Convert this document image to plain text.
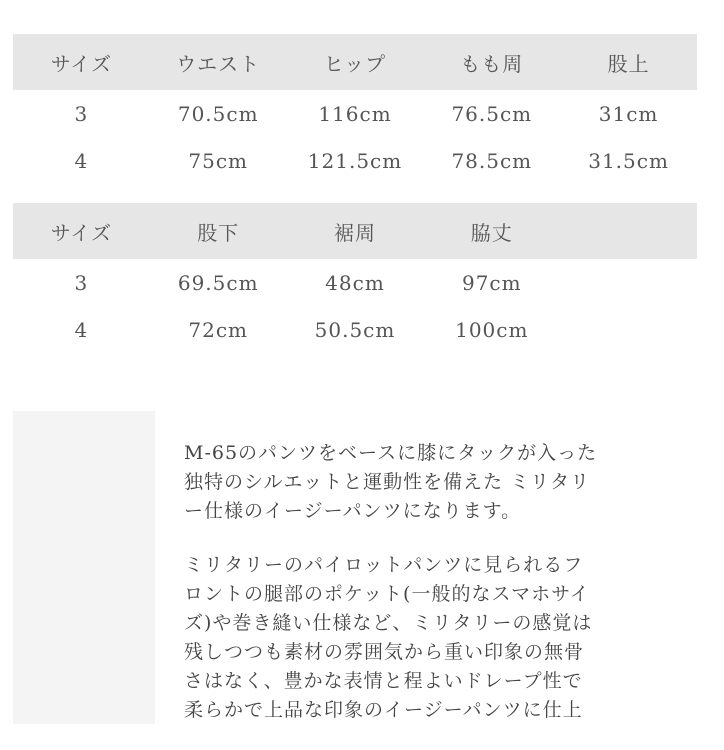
サイズ	ウエスト	ヒップ	もも周	股上
3	70.5cm	116cm	76.5cm	31cm
4	75cm	121.5cm	78.5cm	31.5cm
サイズ	股下	裾周	脇丈	
3	69.5cm	48cm	97cm	
4	72cm	50.5cm	100cm	

M-65のパンツをベースに膝にタックが入った
独特のシルエットと運動性を備えた ミリタリ
ー仕様のイージーパンツになります。

ミリタリーのパイロットパンツに見られるフ
ロントの腿部のポケット(一般的なスマホサイ
ズ)や巻き縫い仕様など、ミリタリーの感覚は
残しつつも素材の雰囲気から重い印象の無骨
さはなく、豊かな表情と程よいドレープ性で
柔らかで上品な印象のイージーパンツに仕上
